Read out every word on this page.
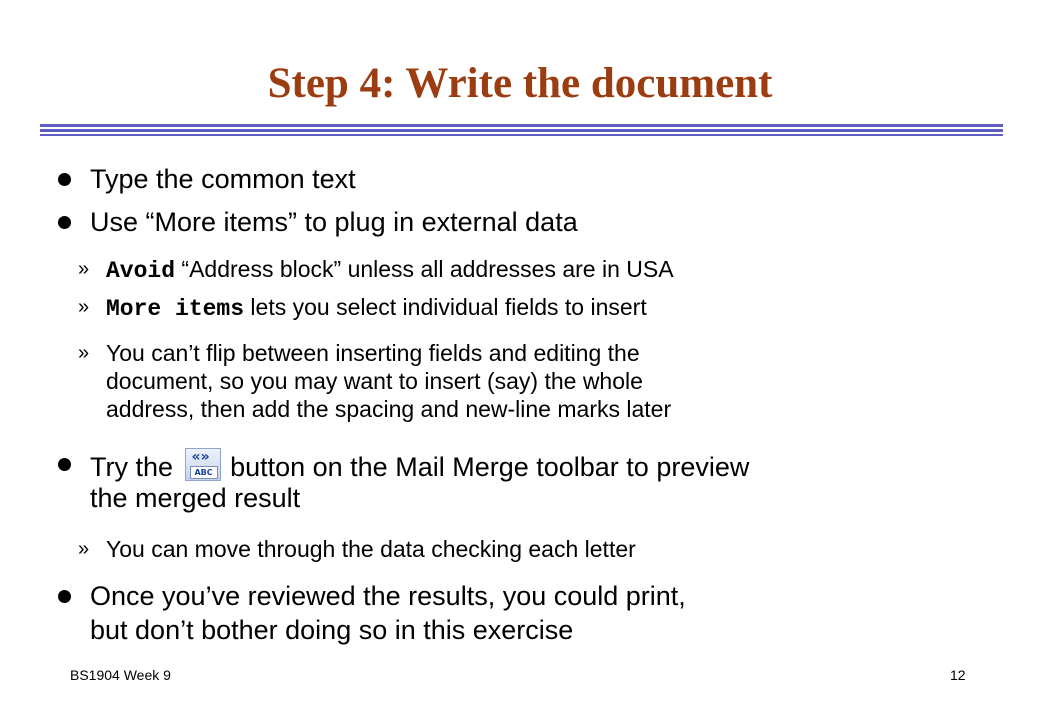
Step 4: Write the document
Type the common text
Use “More items” to plug in external data
» Avoid “Address block” unless all addresses are in USA
» More items lets you select individual fields to insert
» You can’t flip between inserting fields and editing the
document, so you may want to insert (say) the whole
address, then add the spacing and new-line marks later
Try the «»
ABC button on the Mail Merge toolbar to preview
the merged result
» You can move through the data checking each letter
Once you’ve reviewed the results, you could print,
but don’t bother doing so in this exercise
BS1904 Week 9	12
